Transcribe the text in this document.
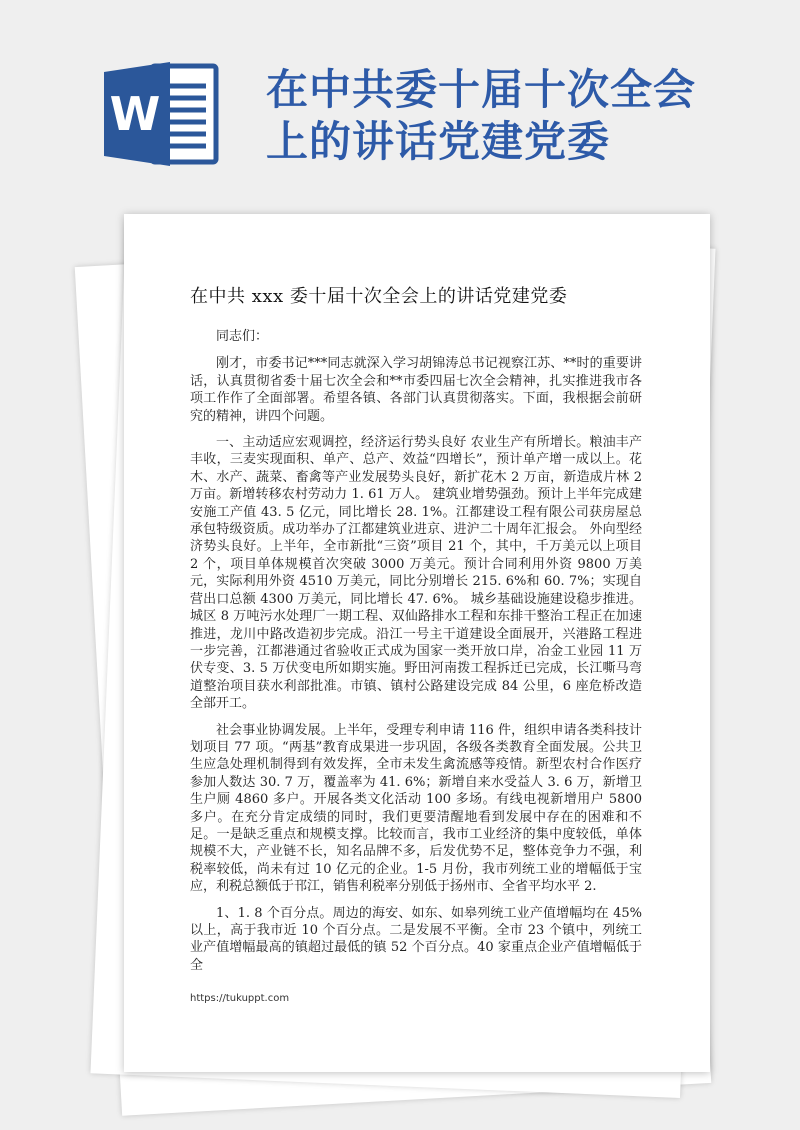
W	在中共委十届十次全会
上的讲话党建党委
在中共 xxx 委十届十次全会上的讲话党建党委

同志们：

刚才，市委书记***同志就深入学习胡锦涛总书记视察江苏、**时的重要讲话，认真贯彻省委十届七次全会和**市委四届七次全会精神，扎实推进我市各项工作作了全面部署。希望各镇、各部门认真贯彻落实。下面，我根据会前研究的精神，讲四个问题。

一、主动适应宏观调控，经济运行势头良好 农业生产有所增长。粮油丰产丰收，三麦实现面积、单产、总产、效益“四增长”，预计单产增一成以上。花木、水产、蔬菜、畜禽等产业发展势头良好，新扩花木 2 万亩，新造成片林 2 万亩。新增转移农村劳动力 1. 61 万人。 建筑业增势强劲。预计上半年完成建安施工产值 43. 5 亿元，同比增长 28. 1%。江都建设工程有限公司获房屋总承包特级资质。成功举办了江都建筑业进京、进沪二十周年汇报会。 外向型经济势头良好。上半年，全市新批“三资”项目 21 个，其中，千万美元以上项目 2 个，项目单体规模首次突破 3000 万美元。预计合同利用外资 9800 万美元，实际利用外资 4510 万美元，同比分别增长 215. 6%和 60. 7%；实现自营出口总额 4300 万美元，同比增长 47. 6%。 城乡基础设施建设稳步推进。城区 8 万吨污水处理厂一期工程、双仙路排水工程和东排干整治工程正在加速推进，龙川中路改造初步完成。沿江一号主干道建设全面展开，兴港路工程进一步完善，江都港通过省验收正式成为国家一类开放口岸，冶金工业园 11 万伏专变、3. 5 万伏变电所如期实施。野田河南拨工程拆迁已完成，长江嘶马弯道整治项目获水利部批准。市镇、镇村公路建设完成 84 公里，6 座危桥改造全部开工。

社会事业协调发展。上半年，受理专利申请 116 件，组织申请各类科技计划项目 77 项。“两基”教育成果进一步巩固，各级各类教育全面发展。公共卫生应急处理机制得到有效发挥，全市未发生禽流感等疫情。新型农村合作医疗参加人数达 30. 7 万，覆盖率为 41. 6%；新增自来水受益人 3. 6 万，新增卫生户厕 4860 多户。开展各类文化活动 100 多场。有线电视新增用户 5800 多户。在充分肯定成绩的同时，我们更要清醒地看到发展中存在的困难和不足。一是缺乏重点和规模支撑。比较而言，我市工业经济的集中度较低，单体规模不大，产业链不长，知名品牌不多，后发优势不足，整体竞争力不强，利税率较低，尚未有过 10 亿元的企业。1-5 月份，我市列统工业的增幅低于宝应，利税总额低于邗江，销售利税率分别低于扬州市、全省平均水平 2.

1、1. 8 个百分点。周边的海安、如东、如皋列统工业产值增幅均在 45%以上，高于我市近 10 个百分点。二是发展不平衡。全市 23 个镇中，列统工业产值增幅最高的镇超过最低的镇 52 个百分点。40 家重点企业产值增幅低于全

https://tukuppt.com
